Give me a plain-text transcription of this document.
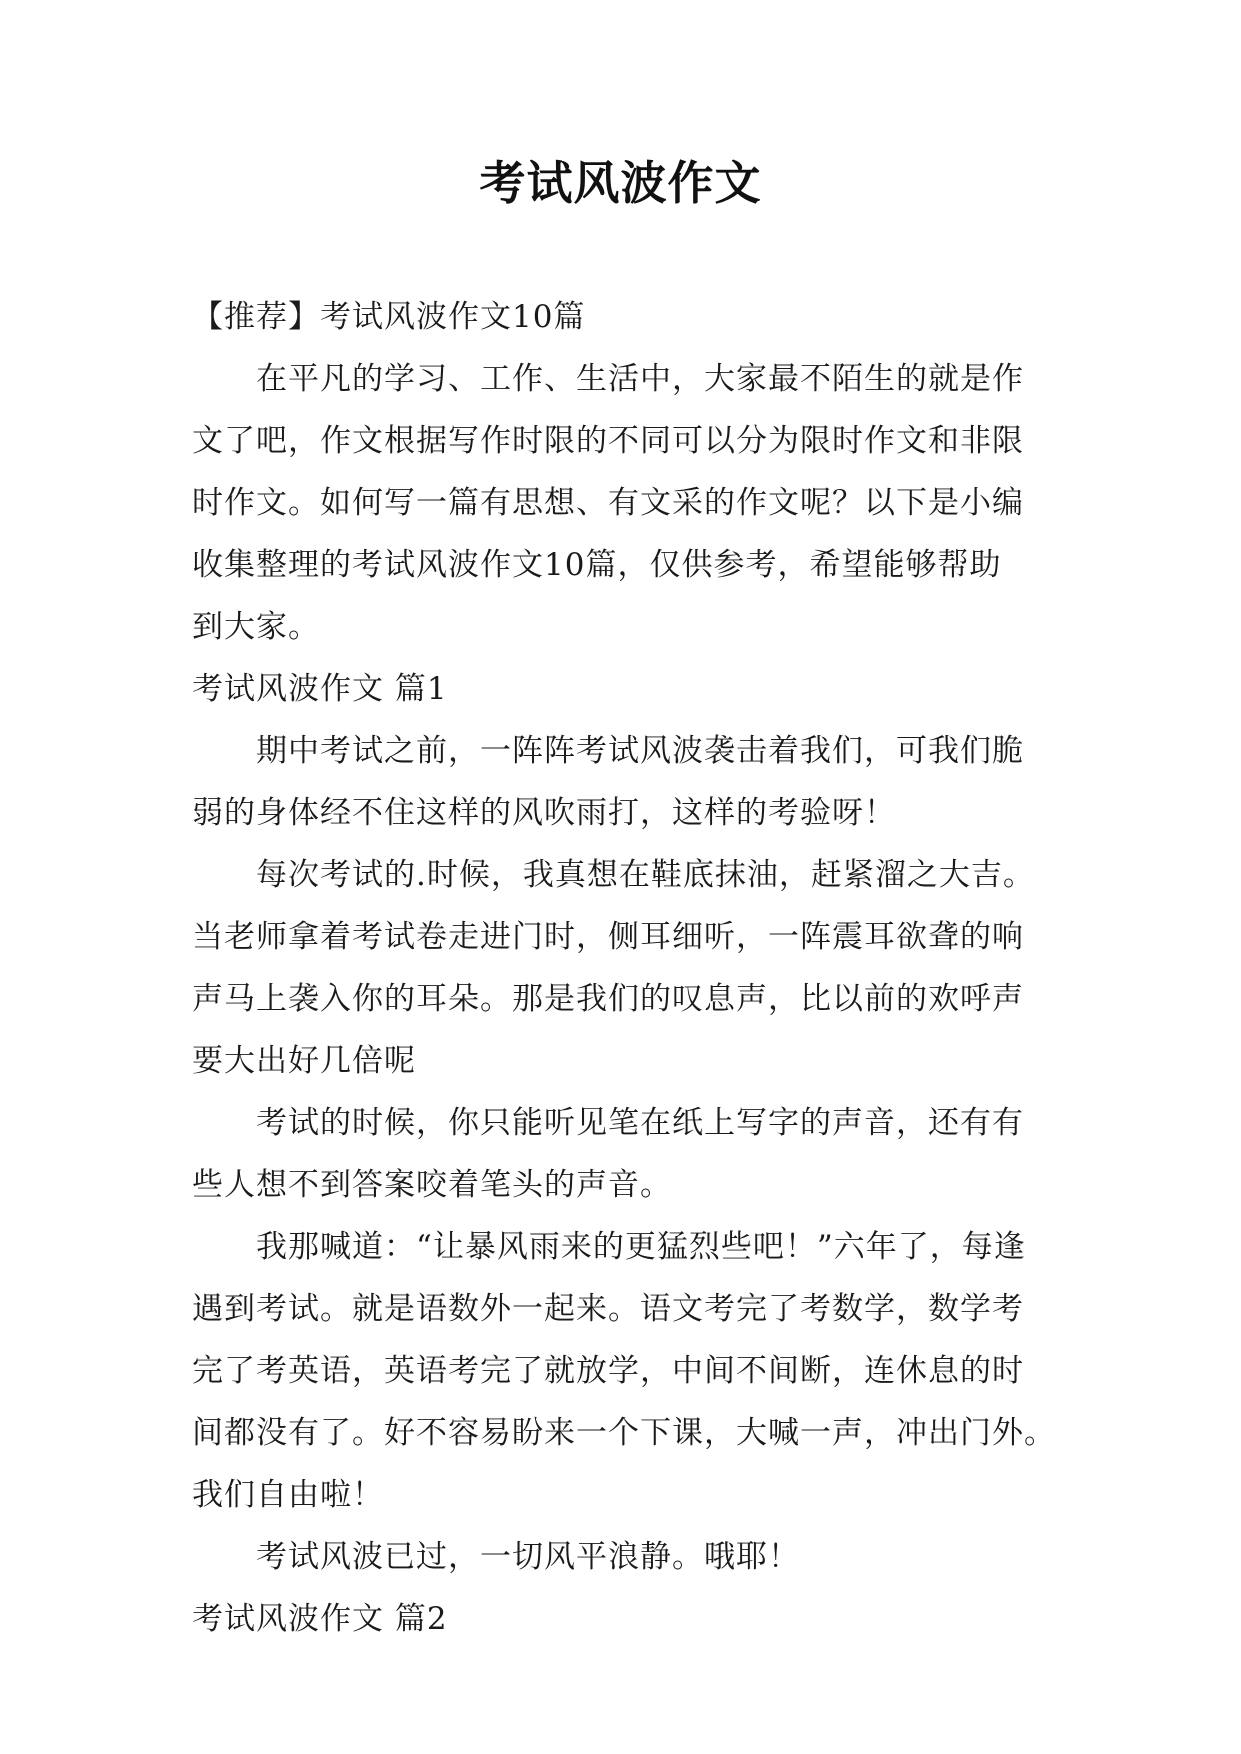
考试风波作文
【推荐】考试风波作文10篇
在平凡的学习、工作、生活中，大家最不陌生的就是作
文了吧，作文根据写作时限的不同可以分为限时作文和非限
时作文。如何写一篇有思想、有文采的作文呢？以下是小编
收集整理的考试风波作文10篇，仅供参考，希望能够帮助
到大家。
考试风波作文 篇1
期中考试之前，一阵阵考试风波袭击着我们，可我们脆
弱的身体经不住这样的风吹雨打，这样的考验呀！
每次考试的.时候，我真想在鞋底抹油，赶紧溜之大吉。
当老师拿着考试卷走进门时，侧耳细听，一阵震耳欲聋的响
声马上袭入你的耳朵。那是我们的叹息声，比以前的欢呼声
要大出好几倍呢
考试的时候，你只能听见笔在纸上写字的声音，还有有
些人想不到答案咬着笔头的声音。
我那喊道：“让暴风雨来的更猛烈些吧！”六年了，每逢
遇到考试。就是语数外一起来。语文考完了考数学，数学考
完了考英语，英语考完了就放学，中间不间断，连休息的时
间都没有了。好不容易盼来一个下课，大喊一声，冲出门外。
我们自由啦！
考试风波已过，一切风平浪静。哦耶！
考试风波作文 篇2
